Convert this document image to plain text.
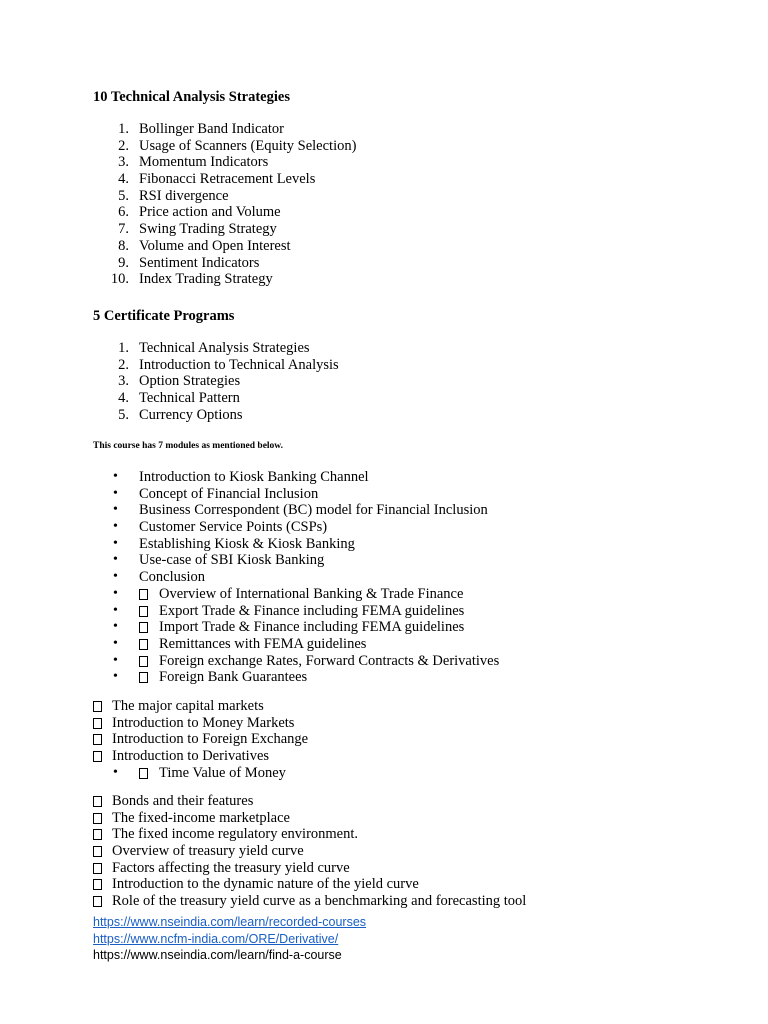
10 Technical Analysis Strategies
1. Bollinger Band Indicator
2. Usage of Scanners (Equity Selection)
3. Momentum Indicators
4. Fibonacci Retracement Levels
5. RSI divergence
6. Price action and Volume
7. Swing Trading Strategy
8. Volume and Open Interest
9. Sentiment Indicators
10. Index Trading Strategy
5 Certificate Programs
1. Technical Analysis Strategies
2. Introduction to Technical Analysis
3. Option Strategies
4. Technical Pattern
5. Currency Options
This course has 7 modules as mentioned below.
• Introduction to Kiosk Banking Channel
• Concept of Financial Inclusion
• Business Correspondent (BC) model for Financial Inclusion
• Customer Service Points (CSPs)
• Establishing Kiosk & Kiosk Banking
• Use-case of SBI Kiosk Banking
• Conclusion
•	Overview of International Banking & Trade Finance
•	Export Trade & Finance including FEMA guidelines
•	Import Trade & Finance including FEMA guidelines
•	Remittances with FEMA guidelines
•	Foreign exchange Rates, Forward Contracts & Derivatives
•	Foreign Bank Guarantees
The major capital markets
Introduction to Money Markets
Introduction to Foreign Exchange
Introduction to Derivatives
•	Time Value of Money
Bonds and their features
The fixed-income marketplace
The fixed income regulatory environment.
Overview of treasury yield curve
Factors affecting the treasury yield curve
Introduction to the dynamic nature of the yield curve
Role of the treasury yield curve as a benchmarking and forecasting tool
https://www.nseindia.com/learn/recorded-courses
https://www.ncfm-india.com/ORE/Derivative/
https://www.nseindia.com/learn/find-a-course
